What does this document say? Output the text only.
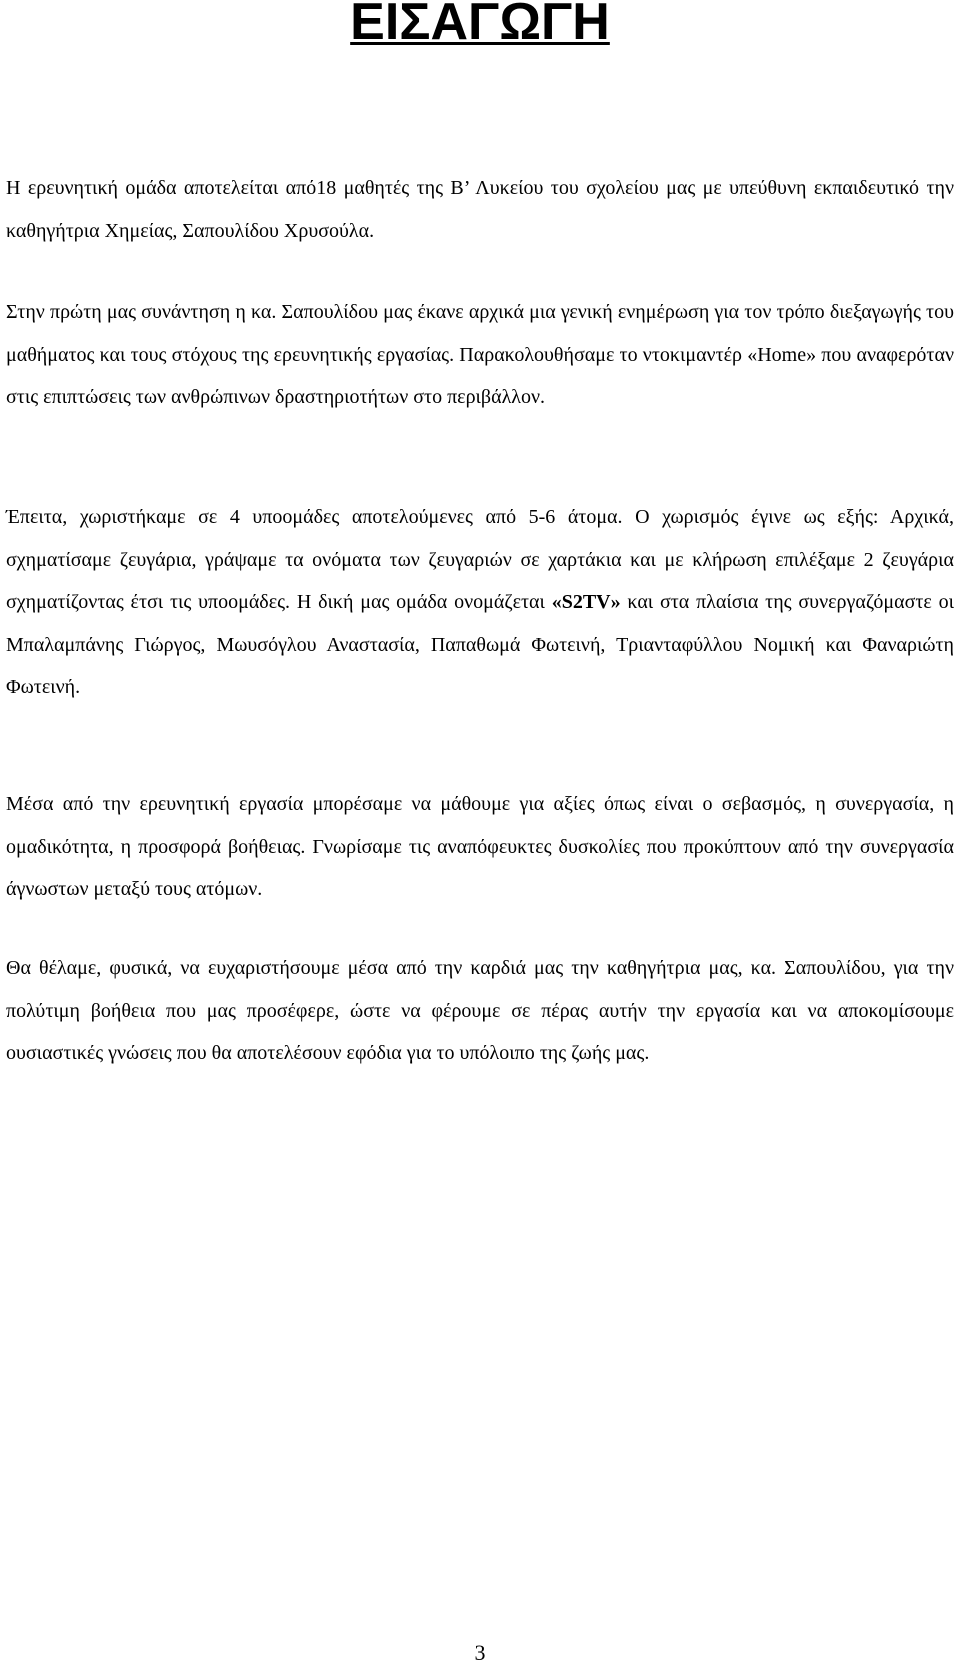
ΕΙΣΑΓΩΓΗ

Η ερευνητική ομάδα αποτελείται από18 μαθητές της Β’ Λυκείου του σχολείου μας με υπεύθυνη εκπαιδευτικό την καθηγήτρια Χημείας, Σαπουλίδου Χρυσούλα.

Στην πρώτη μας συνάντηση η κα. Σαπουλίδου μας έκανε αρχικά μια γενική ενημέρωση για τον τρόπο διεξαγωγής του μαθήματος και τους στόχους της ερευνητικής εργασίας. Παρακολουθήσαμε το ντοκιμαντέρ «Home» που αναφερόταν στις επιπτώσεις των ανθρώπινων δραστηριοτήτων στο περιβάλλον.

Έπειτα, χωριστήκαμε σε 4 υποομάδες αποτελούμενες από 5-6 άτομα. Ο χωρισμός έγινε ως εξής: Αρχικά, σχηματίσαμε ζευγάρια, γράψαμε τα ονόματα των ζευγαριών σε χαρτάκια και με κλήρωση επιλέξαμε 2 ζευγάρια σχηματίζοντας έτσι τις υποομάδες. Η δική μας ομάδα ονομάζεται «S2TV» και στα πλαίσια της συνεργαζόμαστε οι Μπαλαμπάνης Γιώργος, Μωυσόγλου Αναστασία, Παπαθωμά Φωτεινή, Τριανταφύλλου Νομική και Φαναριώτη Φωτεινή.

Μέσα από την ερευνητική εργασία μπορέσαμε να μάθουμε για αξίες όπως είναι ο σεβασμός, η συνεργασία, η ομαδικότητα, η προσφορά βοήθειας. Γνωρίσαμε τις αναπόφευκτες δυσκολίες που προκύπτουν από την συνεργασία άγνωστων μεταξύ τους ατόμων.

Θα θέλαμε, φυσικά, να ευχαριστήσουμε μέσα από την καρδιά μας την καθηγήτρια μας, κα. Σαπουλίδου, για την πολύτιμη βοήθεια που μας προσέφερε, ώστε να φέρουμε σε πέρας αυτήν την εργασία και να αποκομίσουμε ουσιαστικές γνώσεις που θα αποτελέσουν εφόδια για το υπόλοιπο της ζωής μας.

3
